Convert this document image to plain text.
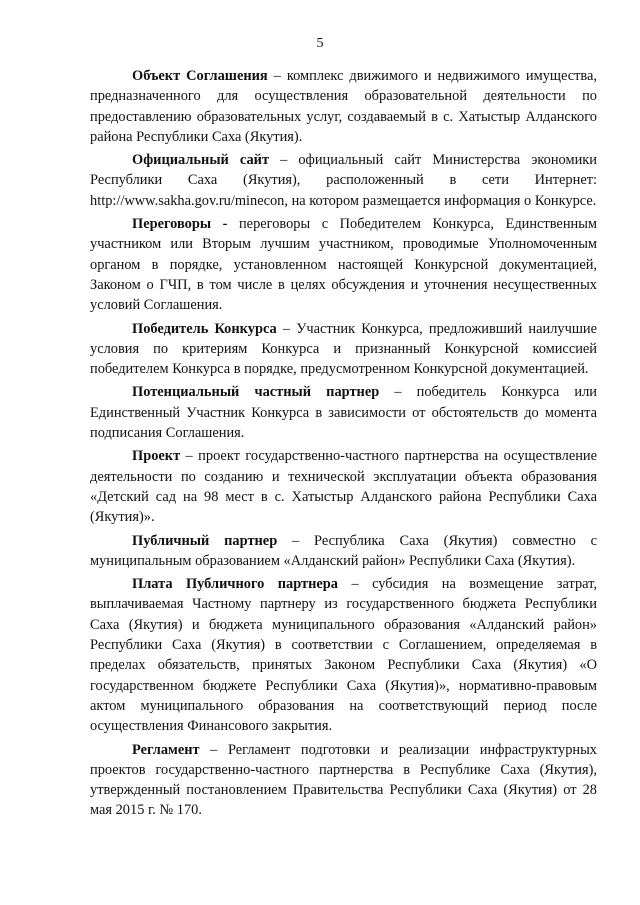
5

Объект Соглашения – комплекс движимого и недвижимого имущества, предназначенного для осуществления образовательной деятельности по предоставлению образовательных услуг, создаваемый в с. Хатыстыр Алданского района Республики Саха (Якутия).

Официальный сайт – официальный сайт Министерства экономики Республики Саха (Якутия), расположенный в сети Интернет: http://www.sakha.gov.ru/minecon, на котором размещается информация о Конкурсе.

Переговоры - переговоры с Победителем Конкурса, Единственным участником или Вторым лучшим участником, проводимые Уполномоченным органом в порядке, установленном настоящей Конкурсной документацией, Законом о ГЧП, в том числе в целях обсуждения и уточнения несущественных условий Соглашения.

Победитель Конкурса – Участник Конкурса, предложивший наилучшие условия по критериям Конкурса и признанный Конкурсной комиссией победителем Конкурса в порядке, предусмотренном Конкурсной документацией.

Потенциальный частный партнер – победитель Конкурса или Единственный Участник Конкурса в зависимости от обстоятельств до момента подписания Соглашения.

Проект – проект государственно-частного партнерства на осуществление деятельности по созданию и технической эксплуатации объекта образования «Детский сад на 98 мест в с. Хатыстыр Алданского района Республики Саха (Якутия)».

Публичный партнер – Республика Саха (Якутия) совместно с муниципальным образованием «Алданский район» Республики Саха (Якутия).

Плата Публичного партнера – субсидия на возмещение затрат, выплачиваемая Частному партнеру из государственного бюджета Республики Саха (Якутия) и бюджета муниципального образования «Алданский район» Республики Саха (Якутия) в соответствии с Соглашением, определяемая в пределах обязательств, принятых Законом Республики Саха (Якутия) «О государственном бюджете Республики Саха (Якутия)», нормативно-правовым актом муниципального образования на соответствующий период после осуществления Финансового закрытия.

Регламент – Регламент подготовки и реализации инфраструктурных проектов государственно-частного партнерства в Республике Саха (Якутия), утвержденный постановлением Правительства Республики Саха (Якутия) от 28 мая 2015 г. № 170.
